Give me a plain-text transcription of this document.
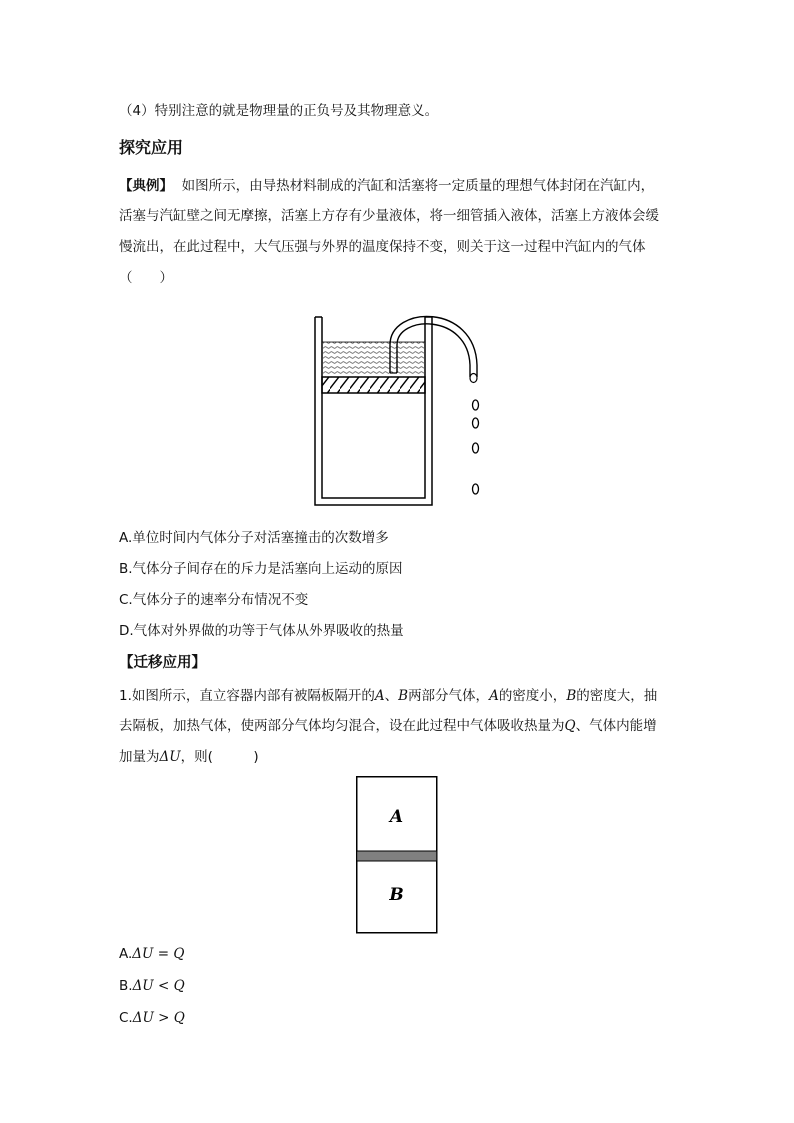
（4）特别注意的就是物理量的正负号及其物理意义。
探究应用
【典例】 如图所示，由导热材料制成的汽缸和活塞将一定质量的理想气体封闭在汽缸内，
活塞与汽缸壁之间无摩擦，活塞上方存有少量液体，将一细管插入液体，活塞上方液体会缓
慢流出，在此过程中，大气压强与外界的温度保持不变，则关于这一过程中汽缸内的气体
（　　）
A.单位时间内气体分子对活塞撞击的次数增多
B.气体分子间存在的斥力是活塞向上运动的原因
C.气体分子的速率分布情况不变
D.气体对外界做的功等于气体从外界吸收的热量
【迁移应用】
1.如图所示，直立容器内部有被隔板隔开的A、B两部分气体，A的密度小，B的密度大，抽
去隔板，加热气体，使两部分气体均匀混合，设在此过程中气体吸收热量为Q、气体内能增
加量为ΔU，则(　　　)
A
B
A.ΔU = Q
B.ΔU < Q
C.ΔU > Q
